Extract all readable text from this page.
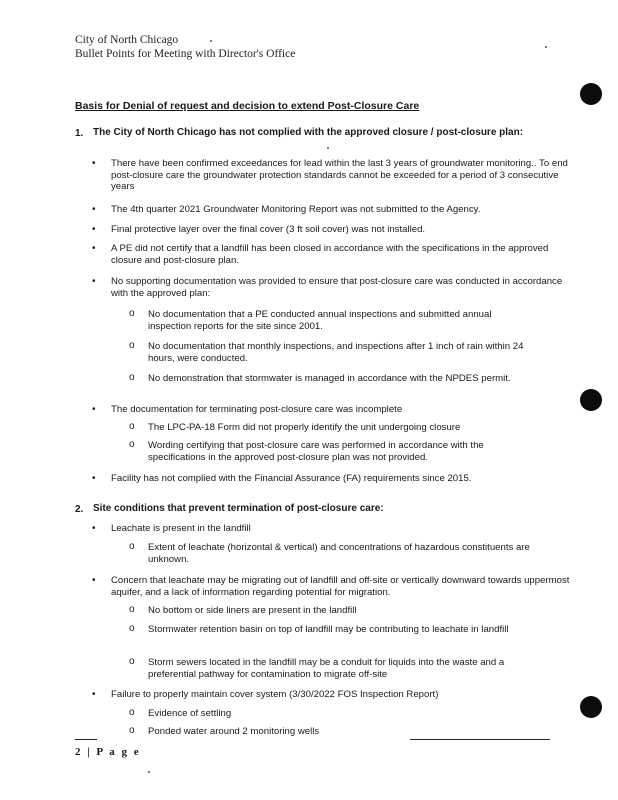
City of North Chicago
Bullet Points for Meeting with Director's Office
Basis for Denial of request and decision to extend Post-Closure Care
1. The City of North Chicago has not complied with the approved closure / post-closure plan:
• There have been confirmed exceedances for lead within the last 3 years of groundwater monitoring.. To end post-closure care the groundwater protection standards cannot be exceeded for a period of 3 consecutive years
• The 4th quarter 2021 Groundwater Monitoring Report was not submitted to the Agency.
• Final protective layer over the final cover (3 ft soil cover) was not installed.
• A PE did not certify that a landfill has been closed in accordance with the specifications in the approved closure and post-closure plan.
• No supporting documentation was provided to ensure that post-closure care was conducted in accordance with the approved plan:
o No documentation that a PE conducted annual inspections and submitted annual inspection reports for the site since 2001.
o No documentation that monthly inspections, and inspections after 1 inch of rain within 24 hours, were conducted.
o No demonstration that stormwater is managed in accordance with the NPDES permit.
• The documentation for terminating post-closure care was incomplete
o The LPC-PA-18 Form did not properly identify the unit undergoing closure
o Wording certifying that post-closure care was performed in accordance with the specifications in the approved post-closure plan was not provided.
• Facility has not complied with the Financial Assurance (FA) requirements since 2015.
2. Site conditions that prevent termination of post-closure care:
• Leachate is present in the landfill
o Extent of leachate (horizontal & vertical) and concentrations of hazardous constituents are unknown.
• Concern that leachate may be migrating out of landfill and off-site or vertically downward towards uppermost aquifer, and a lack of information regarding potential for migration.
o No bottom or side liners are present in the landfill
o Stormwater retention basin on top of landfill may be contributing to leachate in landfill
o Storm sewers located in the landfill may be a conduit for liquids into the waste and a preferential pathway for contamination to migrate off-site
• Failure to properly maintain cover system (3/30/2022 FOS Inspection Report)
o Evidence of settling
o Ponded water around 2 monitoring wells
2 | P a g e
